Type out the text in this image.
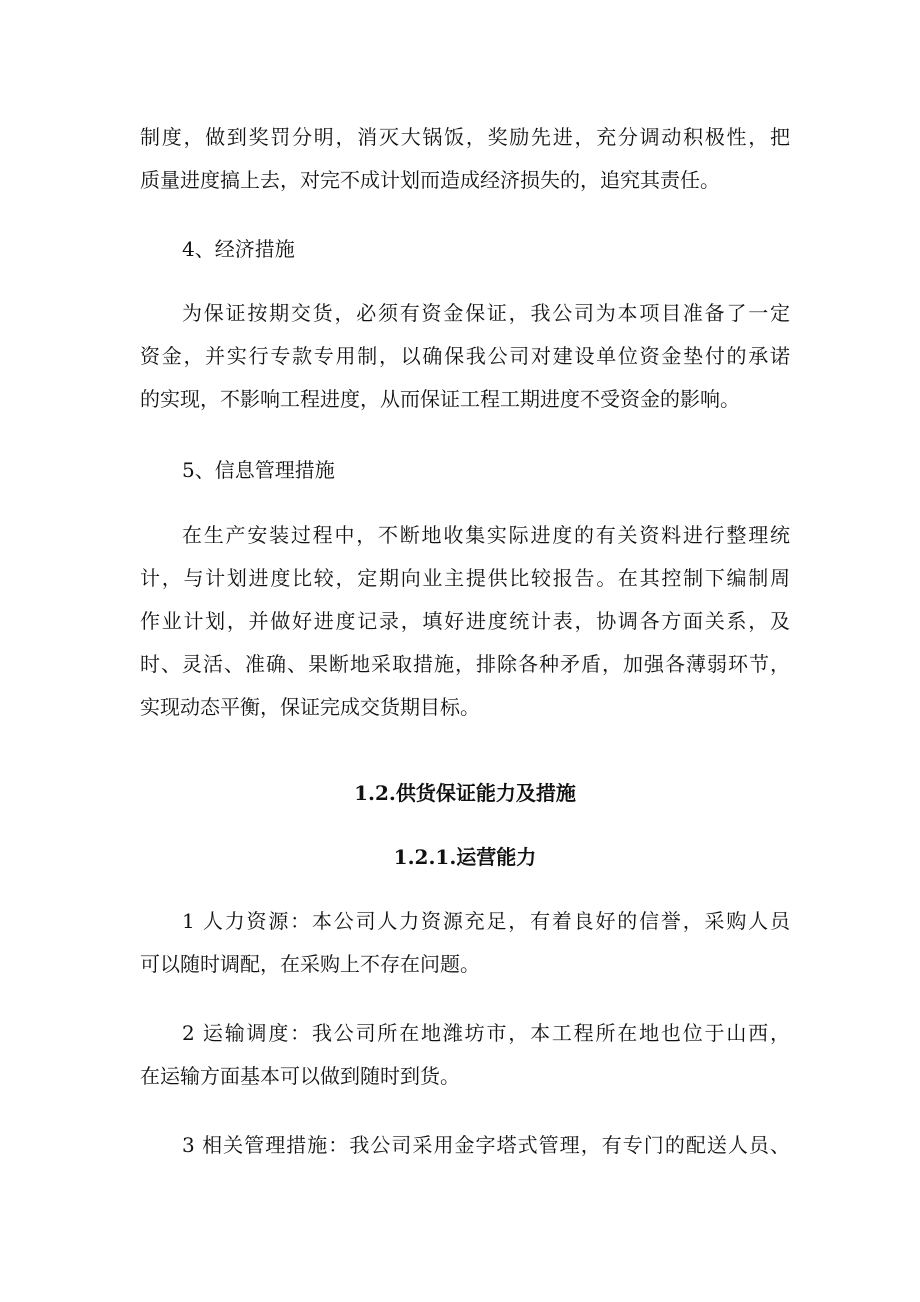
制度，做到奖罚分明，消灭大锅饭，奖励先进，充分调动积极性，把
质量进度搞上去，对完不成计划而造成经济损失的，追究其责任。
4、经济措施
为保证按期交货，必须有资金保证，我公司为本项目准备了一定
资金，并实行专款专用制，以确保我公司对建设单位资金垫付的承诺
的实现，不影响工程进度，从而保证工程工期进度不受资金的影响。
5、信息管理措施
在生产安装过程中，不断地收集实际进度的有关资料进行整理统
计，与计划进度比较，定期向业主提供比较报告。在其控制下编制周
作业计划，并做好进度记录，填好进度统计表，协调各方面关系，及
时、灵活、准确、果断地采取措施，排除各种矛盾，加强各薄弱环节，
实现动态平衡，保证完成交货期目标。
1.2.供货保证能力及措施
1.2.1.运营能力
1 人力资源：本公司人力资源充足，有着良好的信誉，采购人员
可以随时调配，在采购上不存在问题。
2 运输调度：我公司所在地潍坊市，本工程所在地也位于山西，
在运输方面基本可以做到随时到货。
3 相关管理措施：我公司采用金字塔式管理，有专门的配送人员、
